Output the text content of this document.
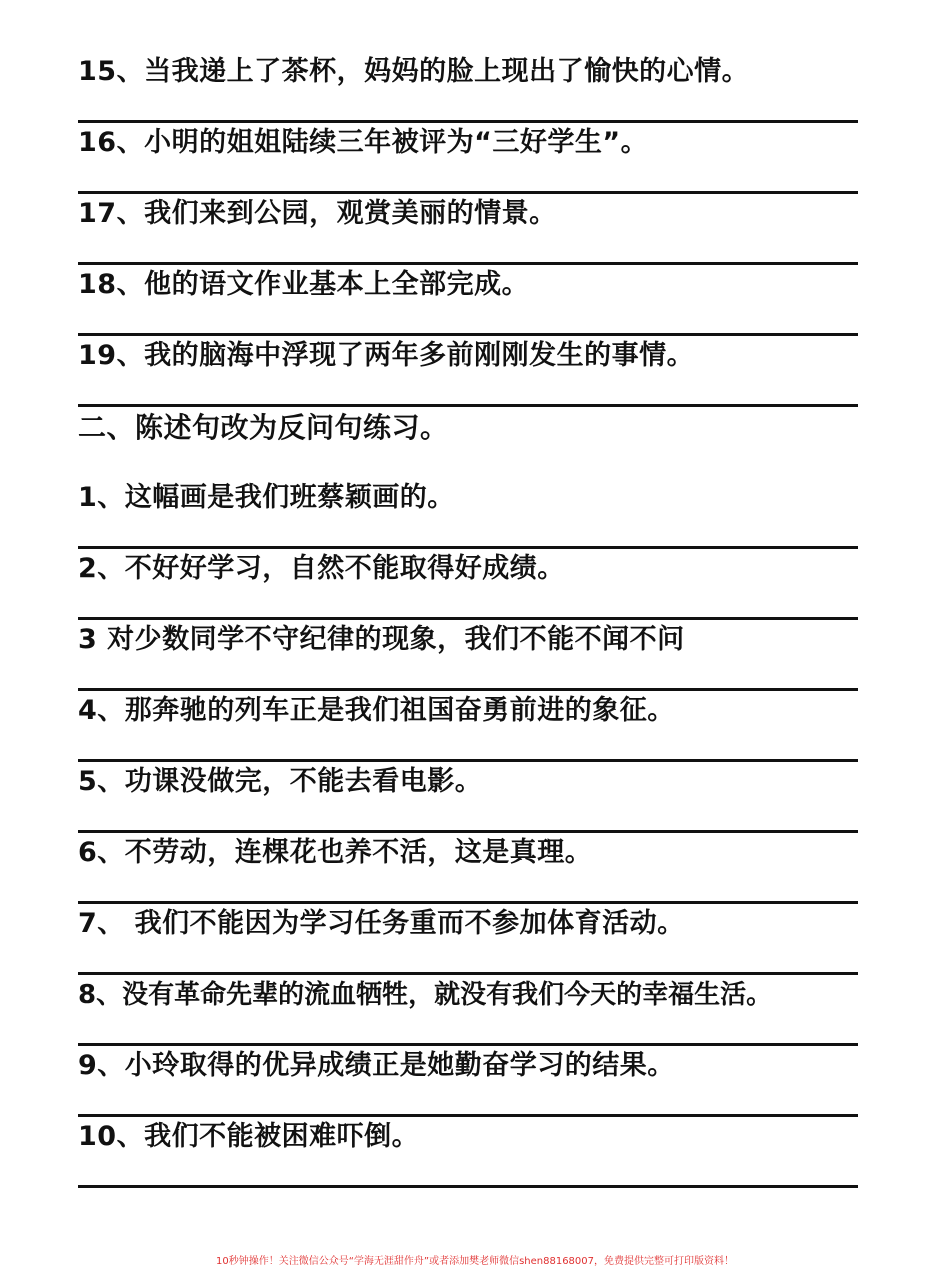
15、当我递上了茶杯，妈妈的脸上现出了愉快的心情。
16、小明的姐姐陆续三年被评为“三好学生”。
17、我们来到公园，观赏美丽的情景。
18、他的语文作业基本上全部完成。
19、我的脑海中浮现了两年多前刚刚发生的事情。
二、陈述句改为反问句练习。
1、这幅画是我们班蔡颖画的。
2、不好好学习，自然不能取得好成绩。
3 对少数同学不守纪律的现象，我们不能不闻不问
4、那奔驰的列车正是我们祖国奋勇前进的象征。
5、功课没做完，不能去看电影。
6、不劳动，连棵花也养不活，这是真理。
7、 我们不能因为学习任务重而不参加体育活动。
8、没有革命先辈的流血牺牲，就没有我们今天的幸福生活。
9、小玲取得的优异成绩正是她勤奋学习的结果。
10、我们不能被困难吓倒。
10秒钟操作！关注微信公众号“学海无涯甜作舟”或者添加樊老师微信shen88168007，免费提供完整可打印版资料！
